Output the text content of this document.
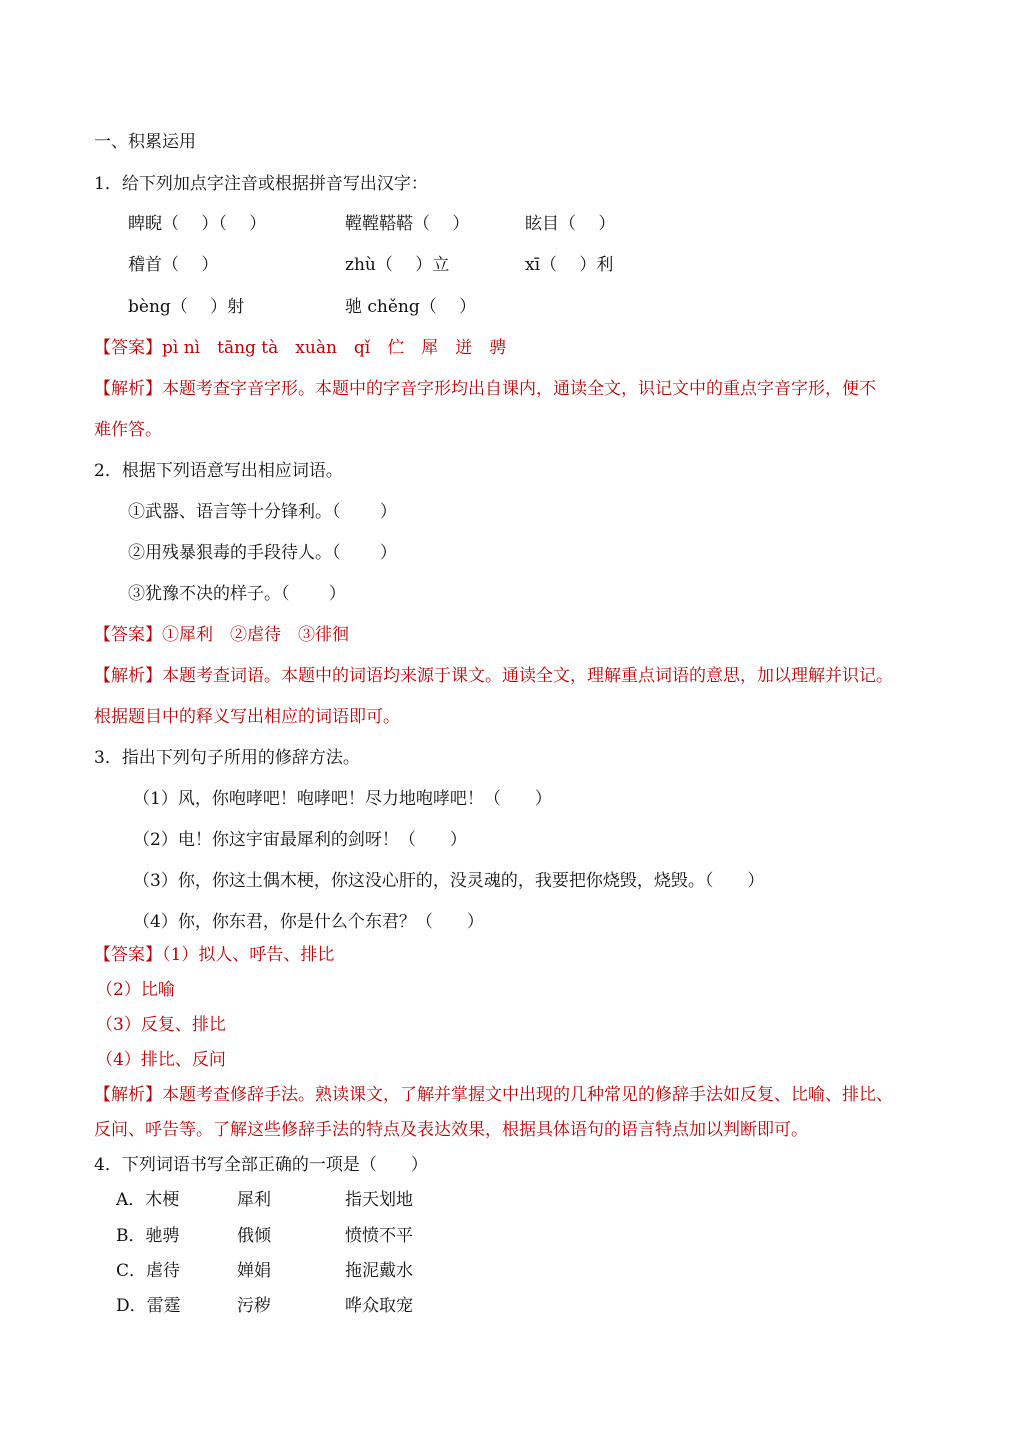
一、积累运用
1．给下列加点字注音或根据拼音写出汉字：
睥睨（　 ）（　 ）	鞺鞺鞳鞳（　 ）	眩目（　 ）
稽首（　 ）	zhù（　 ）立	xī（　 ）利
bèng（　 ）射	驰 chěng（　 ）
【答案】pì nì　tāng tà　xuàn　qǐ　伫　犀　迸　骋
【解析】本题考查字音字形。本题中的字音字形均出自课内，通读全文，识记文中的重点字音字形，便不
难作答。
2．根据下列语意写出相应词语。
①武器、语言等十分锋利。（　　 ）
②用残暴狠毒的手段待人。（　　 ）
③犹豫不决的样子。（　　 ）
【答案】①犀利　②虐待　③徘徊
【解析】本题考查词语。本题中的词语均来源于课文。通读全文，理解重点词语的意思，加以理解并识记。
根据题目中的释义写出相应的词语即可。
3．指出下列句子所用的修辞方法。
（1）风，你咆哮吧！咆哮吧！尽力地咆哮吧！（　　）
（2）电！你这宇宙最犀利的剑呀！（　　）
（3）你，你这土偶木梗，你这没心肝的，没灵魂的，我要把你烧毁，烧毁。（　　）
（4）你，你东君，你是什么个东君？（　　）
【答案】（1）拟人、呼告、排比
（2）比喻
（3）反复、排比
（4）排比、反问
【解析】本题考查修辞手法。熟读课文，了解并掌握文中出现的几种常见的修辞手法如反复、比喻、排比、
反问、呼告等。了解这些修辞手法的特点及表达效果，根据具体语句的语言特点加以判断即可。
4．下列词语书写全部正确的一项是（　　）
A．木梗	犀利	指天划地
B．驰骋	俄倾	愤愤不平
C．虐待	婵娟	拖泥戴水
D．雷霆	污秽	哗众取宠
